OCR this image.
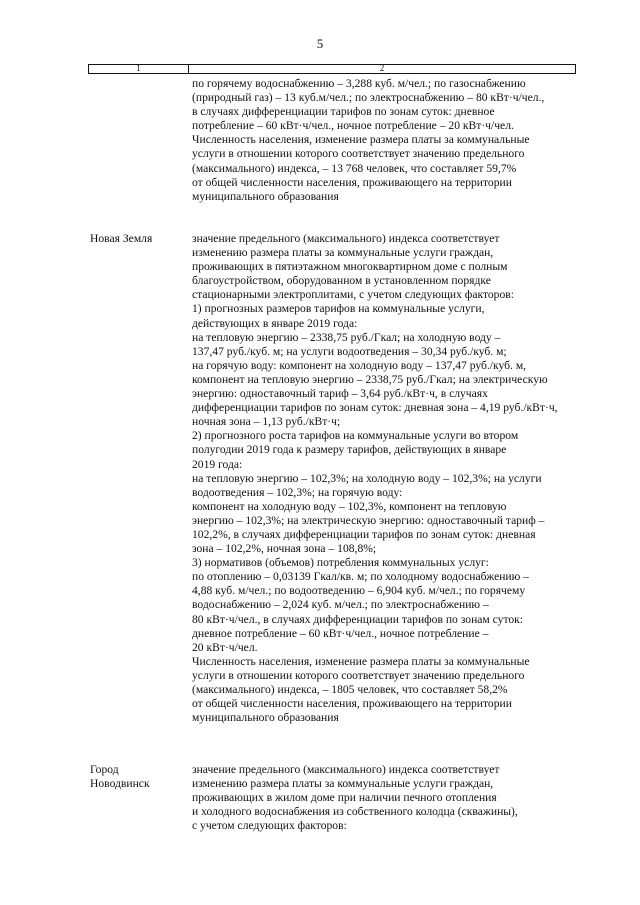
5
1	2
по горячему водоснабжению – 3,288 куб. м/чел.; по газоснабжению
(природный газ) – 13 куб.м/чел.; по электроснабжению – 80 кВт·ч/чел.,
в случаях дифференциации тарифов по зонам суток: дневное
потребление – 60 кВт·ч/чел., ночное потребление – 20 кВт·ч/чел.
Численность населения, изменение размера платы за коммунальные
услуги в отношении которого соответствует значению предельного
(максимального) индекса, – 13 768 человек, что составляет 59,7%
от общей численности населения, проживающего на территории
муниципального образования
Новая Земля	значение предельного (максимального) индекса соответствует
изменению размера платы за коммунальные услуги граждан,
проживающих в пятиэтажном многоквартирном доме с полным
благоустройством, оборудованном в установленном порядке
стационарными электроплитами, с учетом следующих факторов:
1) прогнозных размеров тарифов на коммунальные услуги,
действующих в январе 2019 года:
на тепловую энергию – 2338,75 руб./Гкал; на холодную воду –
137,47 руб./куб. м; на услуги водоотведения – 30,34 руб./куб. м;
на горячую воду: компонент на холодную воду – 137,47 руб./куб. м,
компонент на тепловую энергию – 2338,75 руб./Гкал; на электрическую
энергию: одноставочный тариф – 3,64 руб./кВт·ч, в случаях
дифференциации тарифов по зонам суток: дневная зона – 4,19 руб./кВт·ч,
ночная зона – 1,13 руб./кВт·ч;
2) прогнозного роста тарифов на коммунальные услуги во втором
полугодии 2019 года к размеру тарифов, действующих в январе
2019 года:
на тепловую энергию – 102,3%; на холодную воду – 102,3%; на услуги
водоотведения – 102,3%; на горячую воду:
компонент на холодную воду – 102,3%, компонент на тепловую
энергию – 102,3%; на электрическую энергию: одноставочный тариф –
102,2%, в случаях дифференциации тарифов по зонам суток: дневная
зона – 102,2%, ночная зона – 108,8%;
3) нормативов (объемов) потребления коммунальных услуг:
по отоплению – 0,03139 Гкал/кв. м; по холодному водоснабжению –
4,88 куб. м/чел.; по водоотведению – 6,904 куб. м/чел.; по горячему
водоснабжению – 2,024 куб. м/чел.; по электроснабжению –
80 кВт·ч/чел., в случаях дифференциации тарифов по зонам суток:
дневное потребление – 60 кВт·ч/чел., ночное потребление –
20 кВт·ч/чел.
Численность населения, изменение размера платы за коммунальные
услуги в отношении которого соответствует значению предельного
(максимального) индекса, – 1805 человек, что составляет 58,2%
от общей численности населения, проживающего на территории
муниципального образования
Город
Новодвинск
значение предельного (максимального) индекса соответствует
изменению размера платы за коммунальные услуги граждан,
проживающих в жилом доме при наличии печного отопления
и холодного водоснабжения из собственного колодца (скважины),
с учетом следующих факторов:
